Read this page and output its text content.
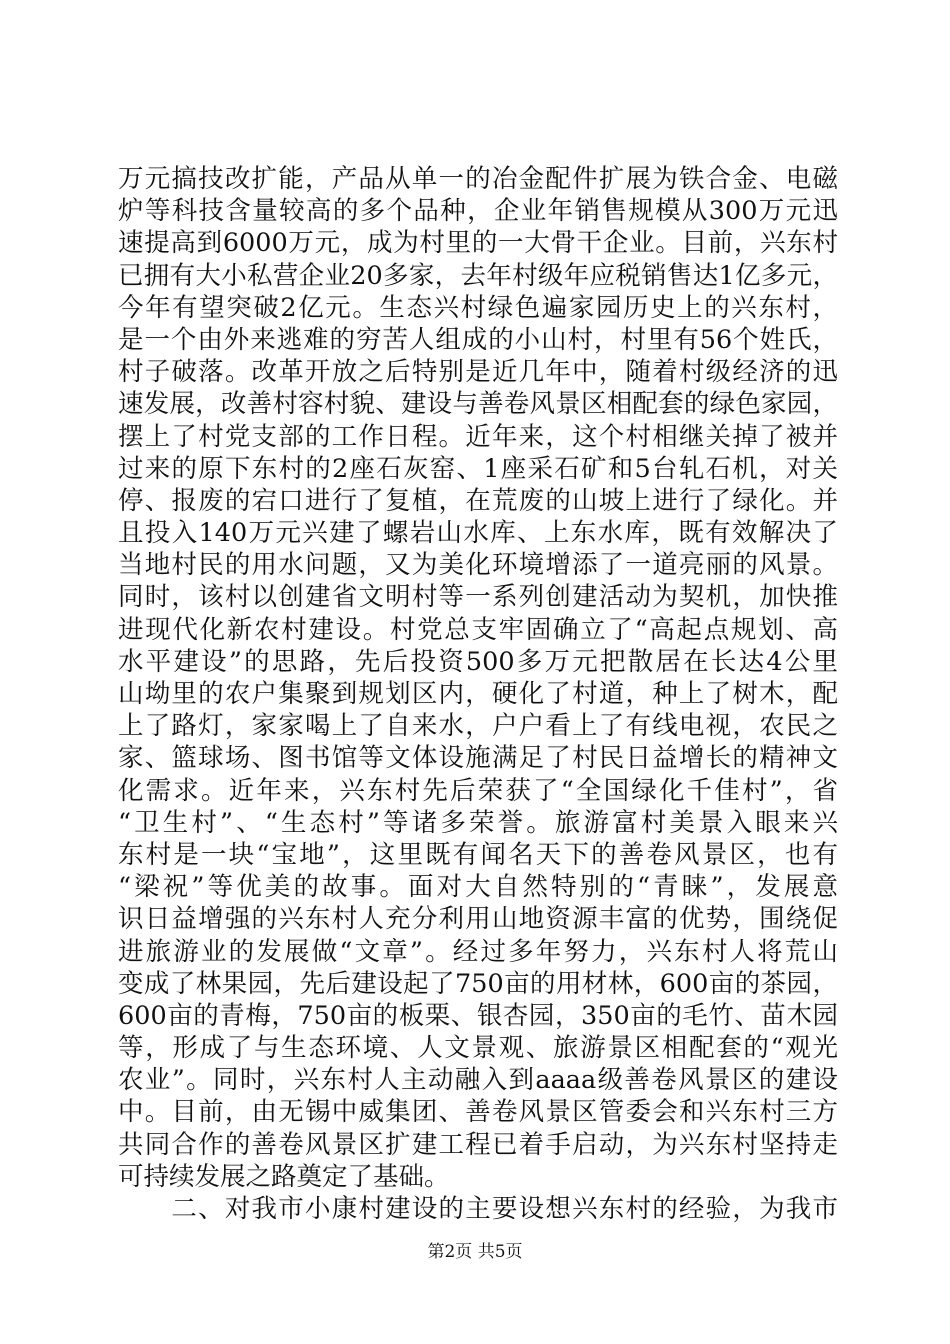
万元搞技改扩能，产品从单一的冶金配件扩展为铁合金、电磁
炉等科技含量较高的多个品种，企业年销售规模从300万元迅
速提高到6000万元，成为村里的一大骨干企业。目前，兴东村
已拥有大小私营企业20多家，去年村级年应税销售达1亿多元，
今年有望突破2亿元。生态兴村绿色遍家园历史上的兴东村，
是一个由外来逃难的穷苦人组成的小山村，村里有56个姓氏，
村子破落。改革开放之后特别是近几年中，随着村级经济的迅
速发展，改善村容村貌、建设与善卷风景区相配套的绿色家园，
摆上了村党支部的工作日程。近年来，这个村相继关掉了被并
过来的原下东村的2座石灰窑、1座采石矿和5台轧石机，对关
停、报废的宕口进行了复植，在荒废的山坡上进行了绿化。并
且投入140万元兴建了螺岩山水库、上东水库，既有效解决了
当地村民的用水问题，又为美化环境增添了一道亮丽的风景。
同时，该村以创建省文明村等一系列创建活动为契机，加快推
进现代化新农村建设。村党总支牢固确立了“高起点规划、高
水平建设”的思路，先后投资500多万元把散居在长达4公里
山坳里的农户集聚到规划区内，硬化了村道，种上了树木，配
上了路灯，家家喝上了自来水，户户看上了有线电视，农民之
家、篮球场、图书馆等文体设施满足了村民日益增长的精神文
化需求。近年来，兴东村先后荣获了“全国绿化千佳村”，省
“卫生村”、“生态村”等诸多荣誉。旅游富村美景入眼来兴
东村是一块“宝地”，这里既有闻名天下的善卷风景区，也有
“梁祝”等优美的故事。面对大自然特别的“青睐”，发展意
识日益增强的兴东村人充分利用山地资源丰富的优势，围绕促
进旅游业的发展做“文章”。经过多年努力，兴东村人将荒山
变成了林果园，先后建设起了750亩的用材林，600亩的茶园，
600亩的青梅，750亩的板栗、银杏园，350亩的毛竹、苗木园
等，形成了与生态环境、人文景观、旅游景区相配套的“观光
农业”。同时，兴东村人主动融入到aaaa级善卷风景区的建设
中。目前，由无锡中威集团、善卷风景区管委会和兴东村三方
共同合作的善卷风景区扩建工程已着手启动，为兴东村坚持走
可持续发展之路奠定了基础。
　　二、对我市小康村建设的主要设想兴东村的经验，为我市
第2页 共5页
